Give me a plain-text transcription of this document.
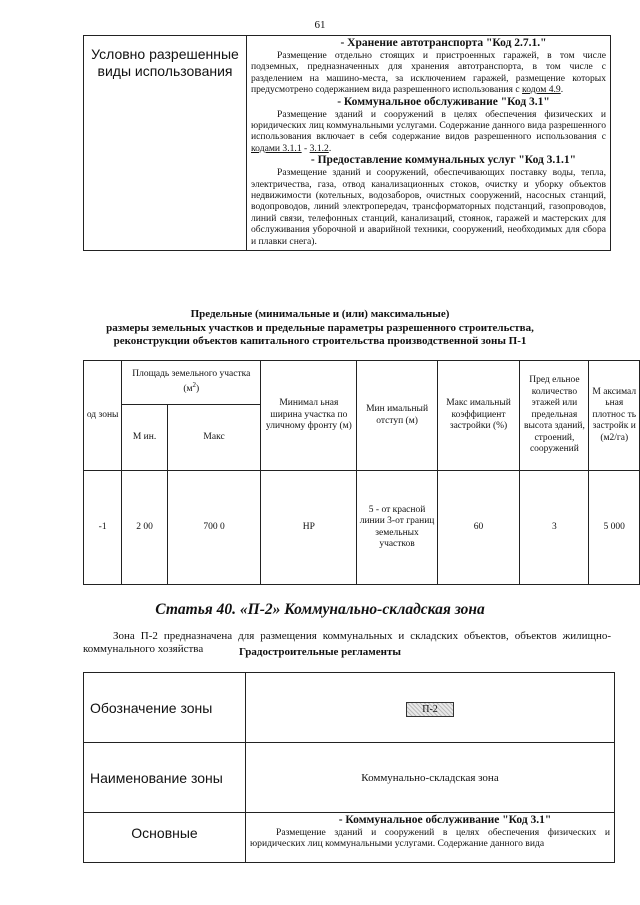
61
Условно разрешенные виды использования	
- Хранение автотранспорта "Код 2.7.1."
Размещение отдельно стоящих и пристроенных гаражей, в том числе подземных, предназначенных для хранения автотранспорта, в том числе с разделением на машино-места, за исключением гаражей, размещение которых предусмотрено содержанием вида разрешенного использования с кодом 4.9.
- Коммунальное обслуживание "Код 3.1"
Размещение зданий и сооружений в целях обеспечения физических и юридических лиц коммунальными услугами. Содержание данного вида разрешенного использования включает в себя содержание видов разрешенного использования с кодами 3.1.1 - 3.1.2.
- Предоставление коммунальных услуг "Код 3.1.1"
Размещение зданий и сооружений, обеспечивающих поставку воды, тепла, электричества, газа, отвод канализационных стоков, очистку и уборку объектов недвижимости (котельных, водозаборов, очистных сооружений, насосных станций, водопроводов, линий электропередач, трансформаторных подстанций, газопроводов, линий связи, телефонных станций, канализаций, стоянок, гаражей и мастерских для обслуживания уборочной и аварийной техники, сооружений, необходимых для сбора и плавки снега).
Предельные (минимальные и (или) максимальные)
размеры земельных участков и предельные параметры разрешенного строительства,
реконструкции объектов капитального строительства производственной зоны П-1
од зоны	Площадь земельного участка $(м^2)$		Минимал ьная ширина участка по уличному фронту (м)	Мин имальный отступ (м)	Макс имальный коэффициент застройки (%)	Пред ельное количество этажей или предельная высота зданий, строений, сооружений	М аксимал ьная плотнос ть застройк и (м2/га)
	М ин.	Макс					
-1	2 00	700 0	НР	5 - от красной линии 3-от границ земельных участков	60	3	5 000
Статья 40. «П-2» Коммунально-складская зона
Зона П-2 предназначена для размещения коммунальных и складских объектов, объектов жилищно-коммунального хозяйства	Градостроительные регламенты
Обозначение зоны	П-2
Наименование зоны	Коммунально-складская зона
Основные	- Коммунальное обслуживание "Код 3.1"
Размещение зданий и сооружений в целях обеспечения физических и юридических лиц коммунальными услугами. Содержание данного вида
